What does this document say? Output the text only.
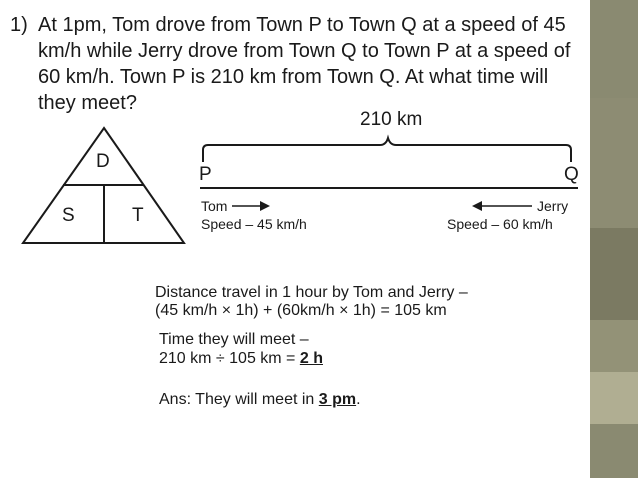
1) At 1pm, Tom drove from Town P to Town Q at a speed of 45 km/h while Jerry drove from Town Q to Town P at a speed of 60 km/h. Town P is 210 km from Town Q. At what time will they meet?
D
S	T
210 km
P	Q
Tom
Speed – 45 km/h
Jerry
Speed – 60 km/h
Distance travel in 1 hour by Tom and Jerry –
(45 km/h × 1h) + (60km/h × 1h) = 105 km
Time they will meet –
210 km ÷ 105 km = 2 h
Ans: They will meet in 3 pm.
